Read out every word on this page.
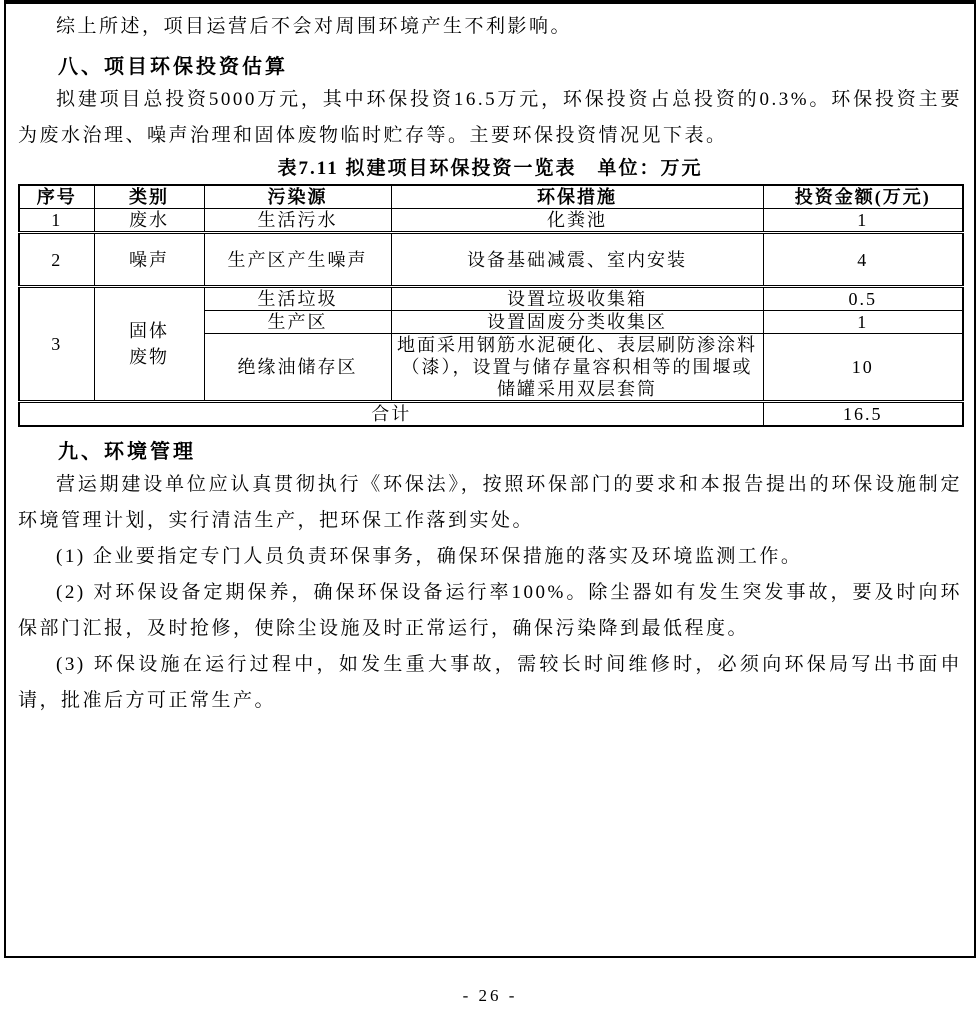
综上所述，项目运营后不会对周围环境产生不利影响。

八、项目环保投资估算

拟建项目总投资5000万元，其中环保投资16.5万元，环保投资占总投资的0.3%。环保投资主要为废水治理、噪声治理和固体废物临时贮存等。主要环保投资情况见下表。

表7.11 拟建项目环保投资一览表　单位：万元
序号	类别	污染源	环保措施	投资金额(万元)
1	废水	生活污水	化粪池	1
2	噪声	生产区产生噪声	设备基础减震、室内安装	4
3	固体废物	生活垃圾	设置垃圾收集箱	0.5
		生产区	设置固废分类收集区	1
		绝缘油储存区	地面采用钢筋水泥硬化、表层刷防渗涂料（漆），设置与储存量容积相等的围堰或储罐采用双层套筒	10
合计				16.5
九、环境管理

营运期建设单位应认真贯彻执行《环保法》，按照环保部门的要求和本报告提出的环保设施制定环境管理计划，实行清洁生产，把环保工作落到实处。

(1) 企业要指定专门人员负责环保事务，确保环保措施的落实及环境监测工作。

(2) 对环保设备定期保养，确保环保设备运行率100%。除尘器如有发生突发事故，要及时向环保部门汇报，及时抢修，使除尘设施及时正常运行，确保污染降到最低程度。

(3) 环保设施在运行过程中，如发生重大事故，需较长时间维修时，必须向环保局写出书面申请，批准后方可正常生产。

- 26 -
